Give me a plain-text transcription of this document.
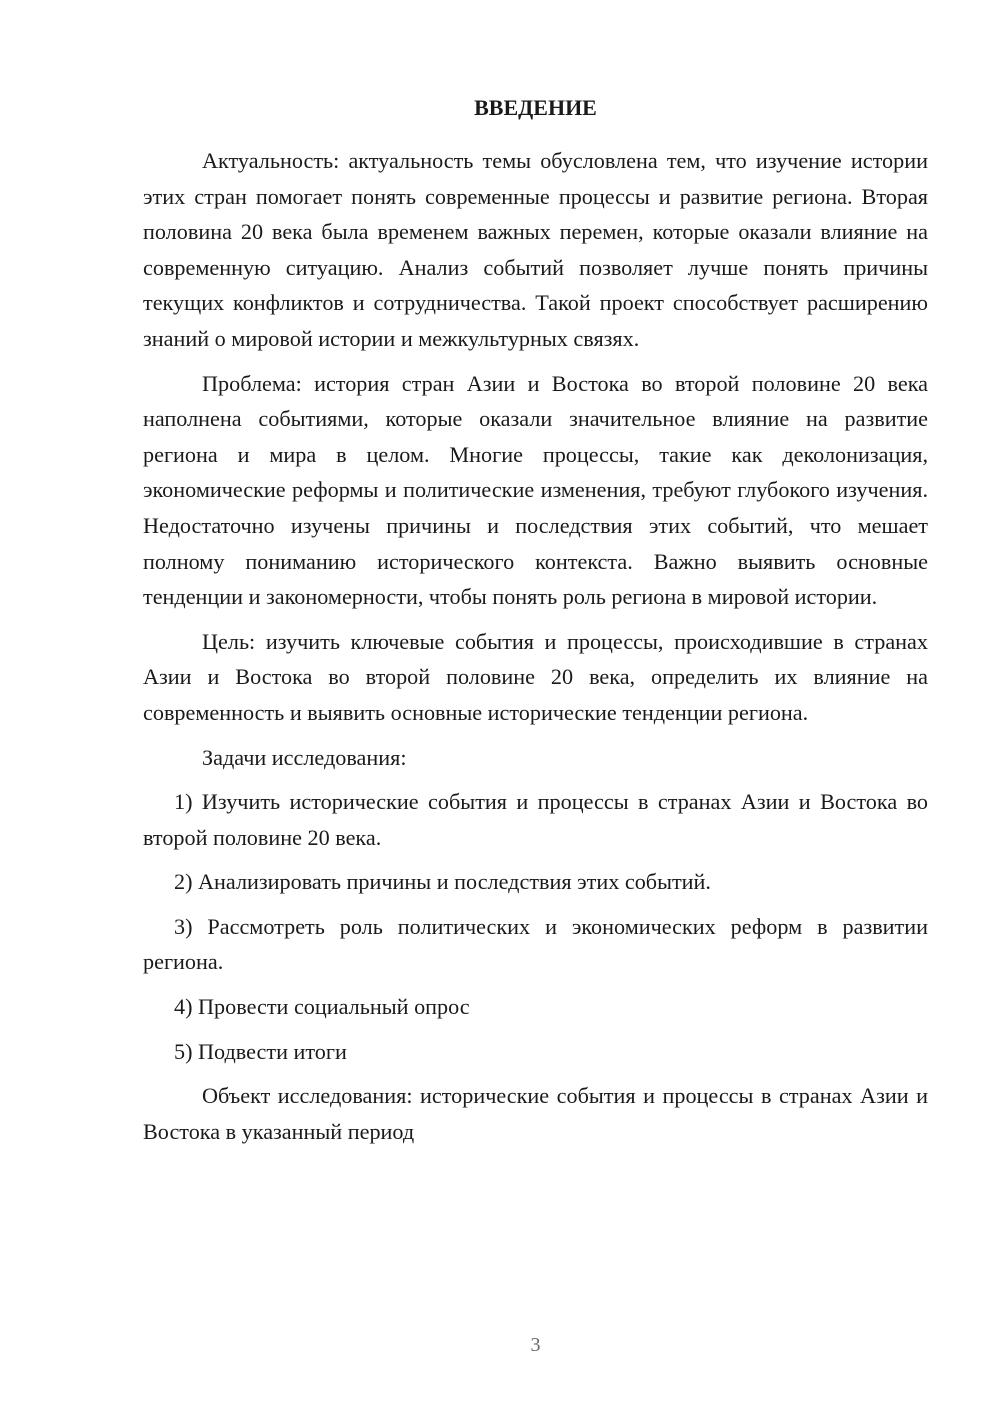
ВВЕДЕНИЕ

Актуальность: актуальность темы обусловлена тем, что изучение истории этих стран помогает понять современные процессы и развитие региона. Вторая половина 20 века была временем важных перемен, которые оказали влияние на современную ситуацию. Анализ событий позволяет лучше понять причины текущих конфликтов и сотрудничества. Такой проект способствует расширению знаний о мировой истории и межкультурных связях.

Проблема: история стран Азии и Востока во второй половине 20 века наполнена событиями, которые оказали значительное влияние на развитие региона и мира в целом. Многие процессы, такие как деколонизация, экономические реформы и политические изменения, требуют глубокого изучения. Недостаточно изучены причины и последствия этих событий, что мешает полному пониманию исторического контекста. Важно выявить основные тенденции и закономерности, чтобы понять роль региона в мировой истории.

Цель: изучить ключевые события и процессы, происходившие в странах Азии и Востока во второй половине 20 века, определить их влияние на современность и выявить основные исторические тенденции региона.

Задачи исследования:

1) Изучить исторические события и процессы в странах Азии и Востока во второй половине 20 века.

2) Анализировать причины и последствия этих событий.

3) Рассмотреть роль политических и экономических реформ в развитии региона.

4) Провести социальный опрос

5) Подвести итоги

Объект исследования: исторические события и процессы в странах Азии и Востока в указанный период

3
